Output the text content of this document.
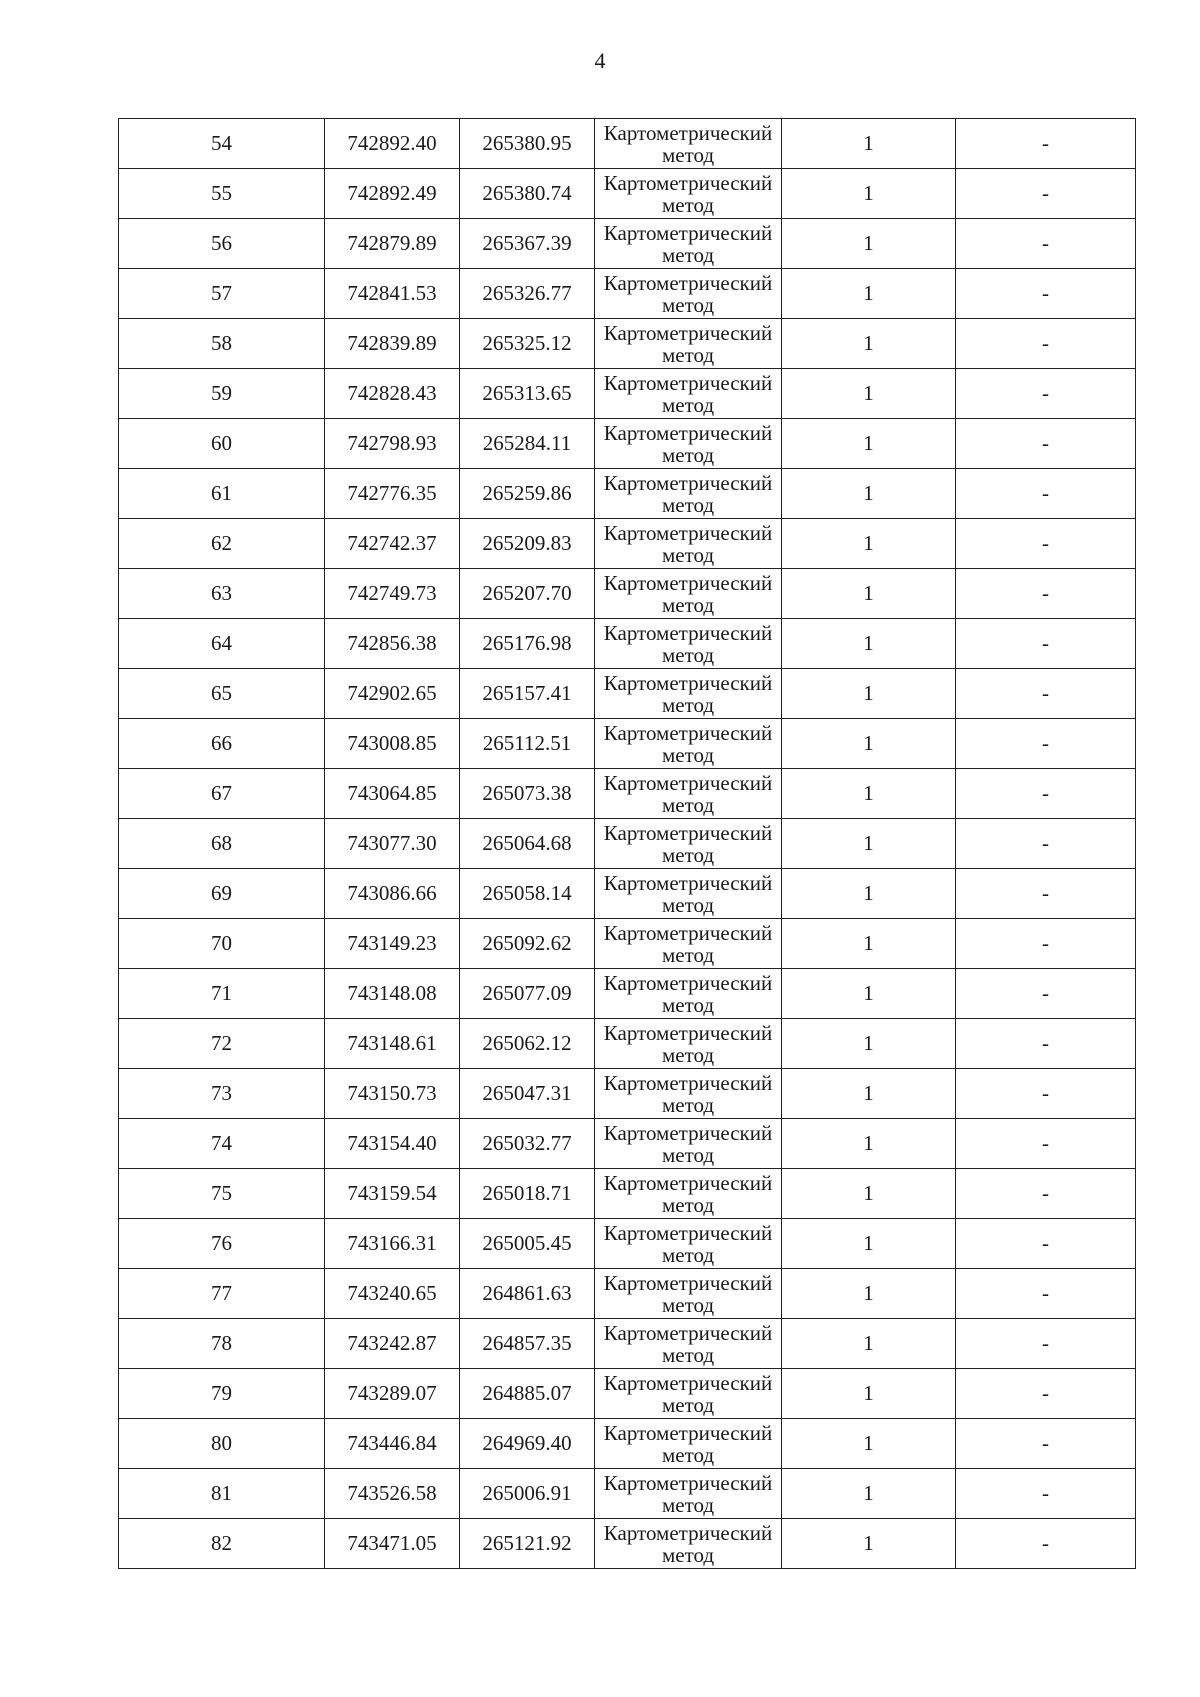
4
54	742892.40	265380.95	Картометрический
метод	1	-
55	742892.49	265380.74	Картометрический
метод	1	-
56	742879.89	265367.39	Картометрический
метод	1	-
57	742841.53	265326.77	Картометрический
метод	1	-
58	742839.89	265325.12	Картометрический
метод	1	-
59	742828.43	265313.65	Картометрический
метод	1	-
60	742798.93	265284.11	Картометрический
метод	1	-
61	742776.35	265259.86	Картометрический
метод	1	-
62	742742.37	265209.83	Картометрический
метод	1	-
63	742749.73	265207.70	Картометрический
метод	1	-
64	742856.38	265176.98	Картометрический
метод	1	-
65	742902.65	265157.41	Картометрический
метод	1	-
66	743008.85	265112.51	Картометрический
метод	1	-
67	743064.85	265073.38	Картометрический
метод	1	-
68	743077.30	265064.68	Картометрический
метод	1	-
69	743086.66	265058.14	Картометрический
метод	1	-
70	743149.23	265092.62	Картометрический
метод	1	-
71	743148.08	265077.09	Картометрический
метод	1	-
72	743148.61	265062.12	Картометрический
метод	1	-
73	743150.73	265047.31	Картометрический
метод	1	-
74	743154.40	265032.77	Картометрический
метод	1	-
75	743159.54	265018.71	Картометрический
метод	1	-
76	743166.31	265005.45	Картометрический
метод	1	-
77	743240.65	264861.63	Картометрический
метод	1	-
78	743242.87	264857.35	Картометрический
метод	1	-
79	743289.07	264885.07	Картометрический
метод	1	-
80	743446.84	264969.40	Картометрический
метод	1	-
81	743526.58	265006.91	Картометрический
метод	1	-
82	743471.05	265121.92	Картометрический
метод	1	-
